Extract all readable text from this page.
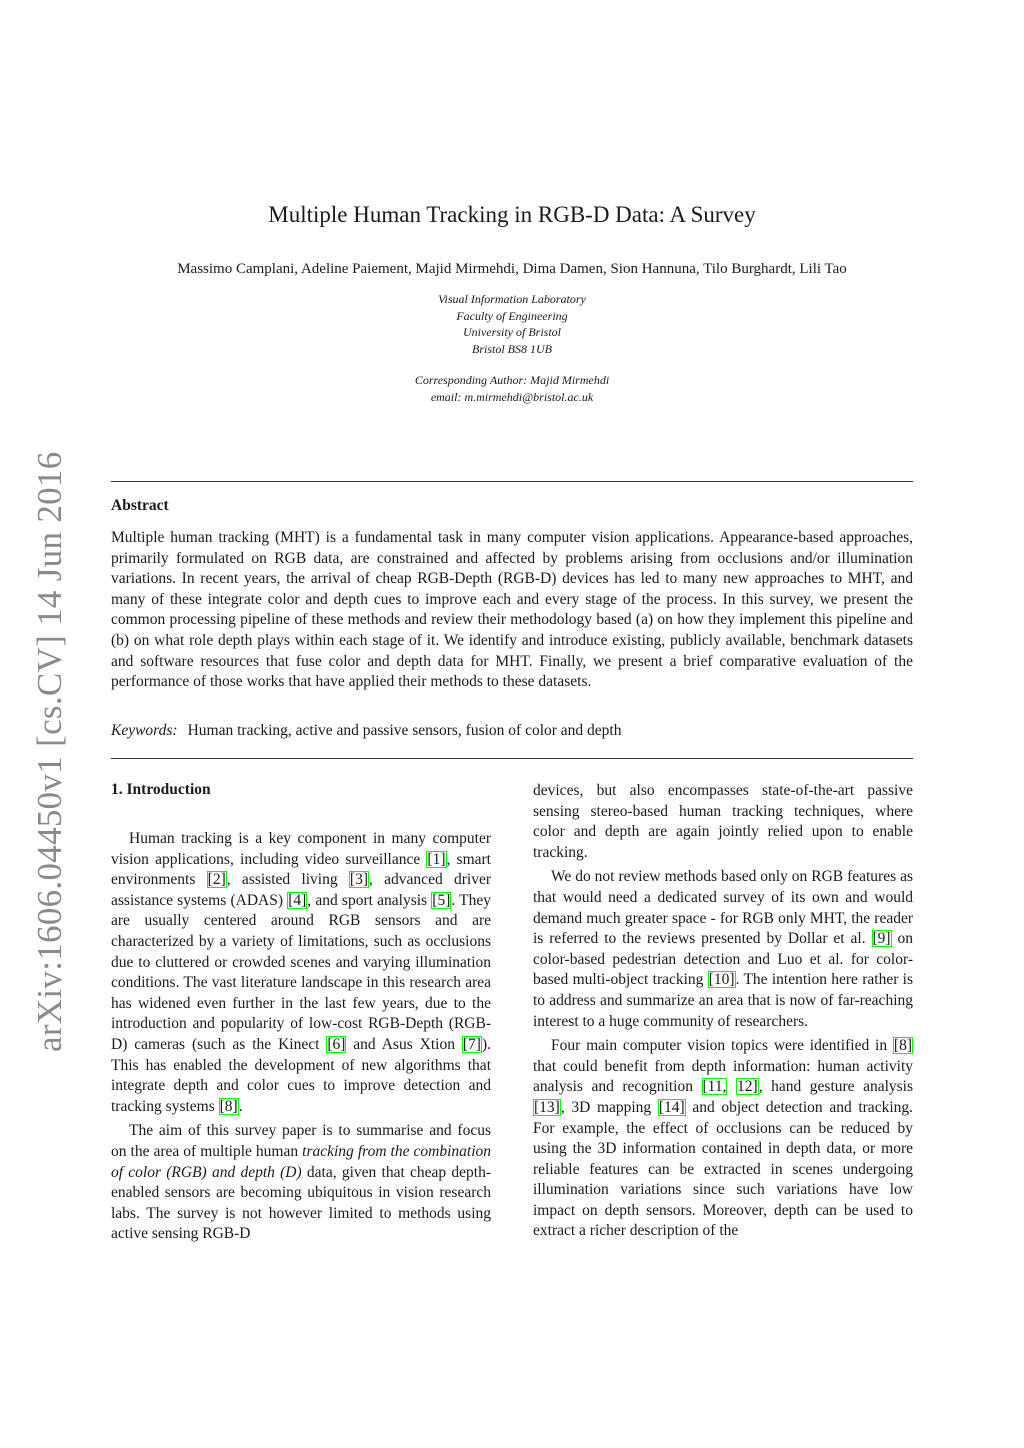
arXiv:1606.04450v1 [cs.CV] 14 Jun 2016
Multiple Human Tracking in RGB-D Data: A Survey
Massimo Camplani, Adeline Paiement, Majid Mirmehdi, Dima Damen, Sion Hannuna, Tilo Burghardt, Lili Tao
Visual Information Laboratory
Faculty of Engineering
University of Bristol
Bristol BS8 1UB
Corresponding Author: Majid Mirmehdi
email: m.mirmehdi@bristol.ac.uk
Abstract
Multiple human tracking (MHT) is a fundamental task in many computer vision applications. Appearance-based approaches, primarily formulated on RGB data, are constrained and affected by problems arising from occlusions and/or illumination variations. In recent years, the arrival of cheap RGB-Depth (RGB-D) devices has led to many new approaches to MHT, and many of these integrate color and depth cues to improve each and every stage of the process. In this survey, we present the common processing pipeline of these methods and review their methodology based (a) on how they implement this pipeline and (b) on what role depth plays within each stage of it. We identify and introduce existing, publicly available, benchmark datasets and software resources that fuse color and depth data for MHT. Finally, we present a brief comparative evaluation of the performance of those works that have applied their methods to these datasets.
Keywords: Human tracking, active and passive sensors, fusion of color and depth
1. Introduction

Human tracking is a key component in many computer vision applications, including video surveillance [1], smart environments [2], assisted living [3], advanced driver assistance systems (ADAS) [4], and sport analysis [5]. They are usually centered around RGB sensors and are characterized by a variety of limitations, such as occlusions due to cluttered or crowded scenes and varying illumination conditions. The vast literature landscape in this research area has widened even further in the last few years, due to the introduction and popularity of low-cost RGB-Depth (RGB-D) cameras (such as the Kinect [6] and Asus Xtion [7]). This has enabled the development of new algorithms that integrate depth and color cues to improve detection and tracking systems [8].

The aim of this survey paper is to summarise and focus on the area of multiple human tracking from the combination of color (RGB) and depth (D) data, given that cheap depth-enabled sensors are becoming ubiquitous in vision research labs. The survey is not however limited to methods using active sensing RGB-D

devices, but also encompasses state-of-the-art passive sensing stereo-based human tracking techniques, where color and depth are again jointly relied upon to enable tracking.

We do not review methods based only on RGB features as that would need a dedicated survey of its own and would demand much greater space - for RGB only MHT, the reader is referred to the reviews presented by Dollar et al. [9] on color-based pedestrian detection and Luo et al. for color-based multi-object tracking [10]. The intention here rather is to address and summarize an area that is now of far-reaching interest to a huge community of researchers.

Four main computer vision topics were identified in [8] that could benefit from depth information: human activity analysis and recognition [11, 12], hand gesture analysis [13], 3D mapping [14] and object detection and tracking. For example, the effect of occlusions can be reduced by using the 3D information contained in depth data, or more reliable features can be extracted in scenes undergoing illumination variations since such variations have low impact on depth sensors. Moreover, depth can be used to extract a richer description of the
